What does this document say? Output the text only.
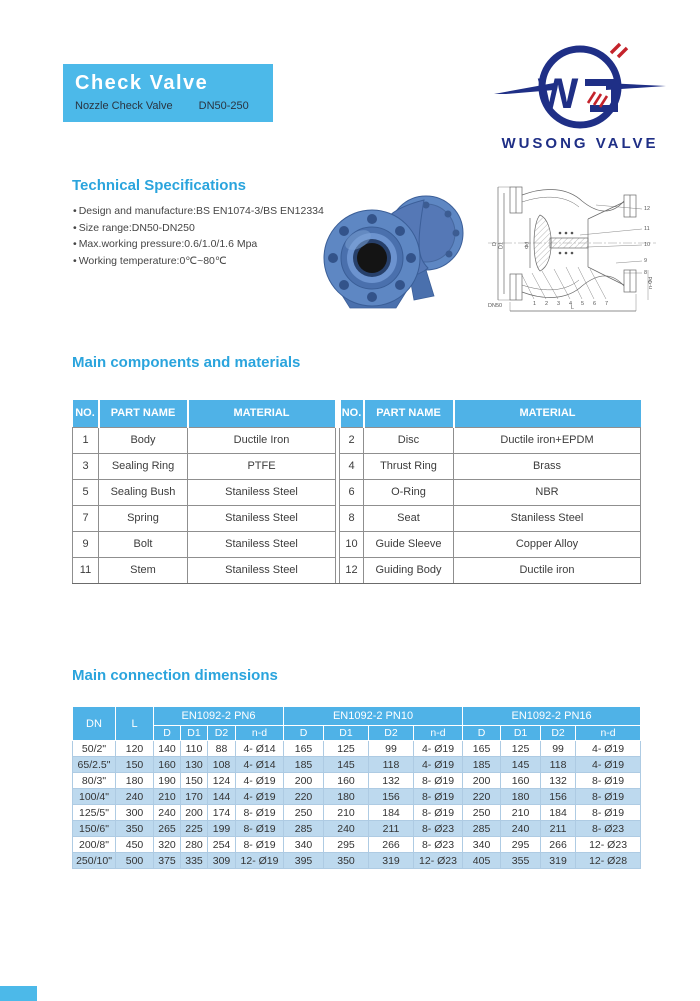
Check Valve
Nozzle Check Valve DN50-250	W
WUSONG VALVE
Technical Specifications
• Design and manufacture:BS EN1074-3/BS EN12334
• Size range:DN50-DN250
• Max.working pressure:0.6/1.0/1.6 Mpa
• Working temperature:0℃~80℃
D D1	Φd
12
11
10
9
8
1 2 3 4 5 6 7
L
DN50
n-Φd
Main components and materials
NO.	PART NAME	MATERIAL		NO.	PART NAME	MATERIAL
1	Body	Ductile Iron		2	Disc	Ductile iron+EPDM
3	Sealing Ring	PTFE		4	Thrust Ring	Brass
5	Sealing Bush	Staniless Steel		6	O-Ring	NBR
7	Spring	Staniless Steel		8	Seat	Staniless Steel
9	Bolt	Staniless Steel		10	Guide Sleeve	Copper Alloy
11	Stem	Staniless Steel		12	Guiding Body	Ductile iron
Main connection dimensions
DN	L	EN1092-2 PN6				EN1092-2 PN10				EN1092-2 PN16			
		D	D1	D2	n-d	D	D1	D2	n-d	D	D1	D2	n-d
50/2"	120	140	110	88	4- Ø14	165	125	99	4- Ø19	165	125	99	4- Ø19
65/2.5"	150	160	130	108	4- Ø14	185	145	118	4- Ø19	185	145	118	4- Ø19
80/3"	180	190	150	124	4- Ø19	200	160	132	8- Ø19	200	160	132	8- Ø19
100/4"	240	210	170	144	4- Ø19	220	180	156	8- Ø19	220	180	156	8- Ø19
125/5"	300	240	200	174	8- Ø19	250	210	184	8- Ø19	250	210	184	8- Ø19
150/6"	350	265	225	199	8- Ø19	285	240	211	8- Ø23	285	240	211	8- Ø23
200/8"	450	320	280	254	8- Ø19	340	295	266	8- Ø23	340	295	266	12- Ø23
250/10"	500	375	335	309	12- Ø19	395	350	319	12- Ø23	405	355	319	12- Ø28
